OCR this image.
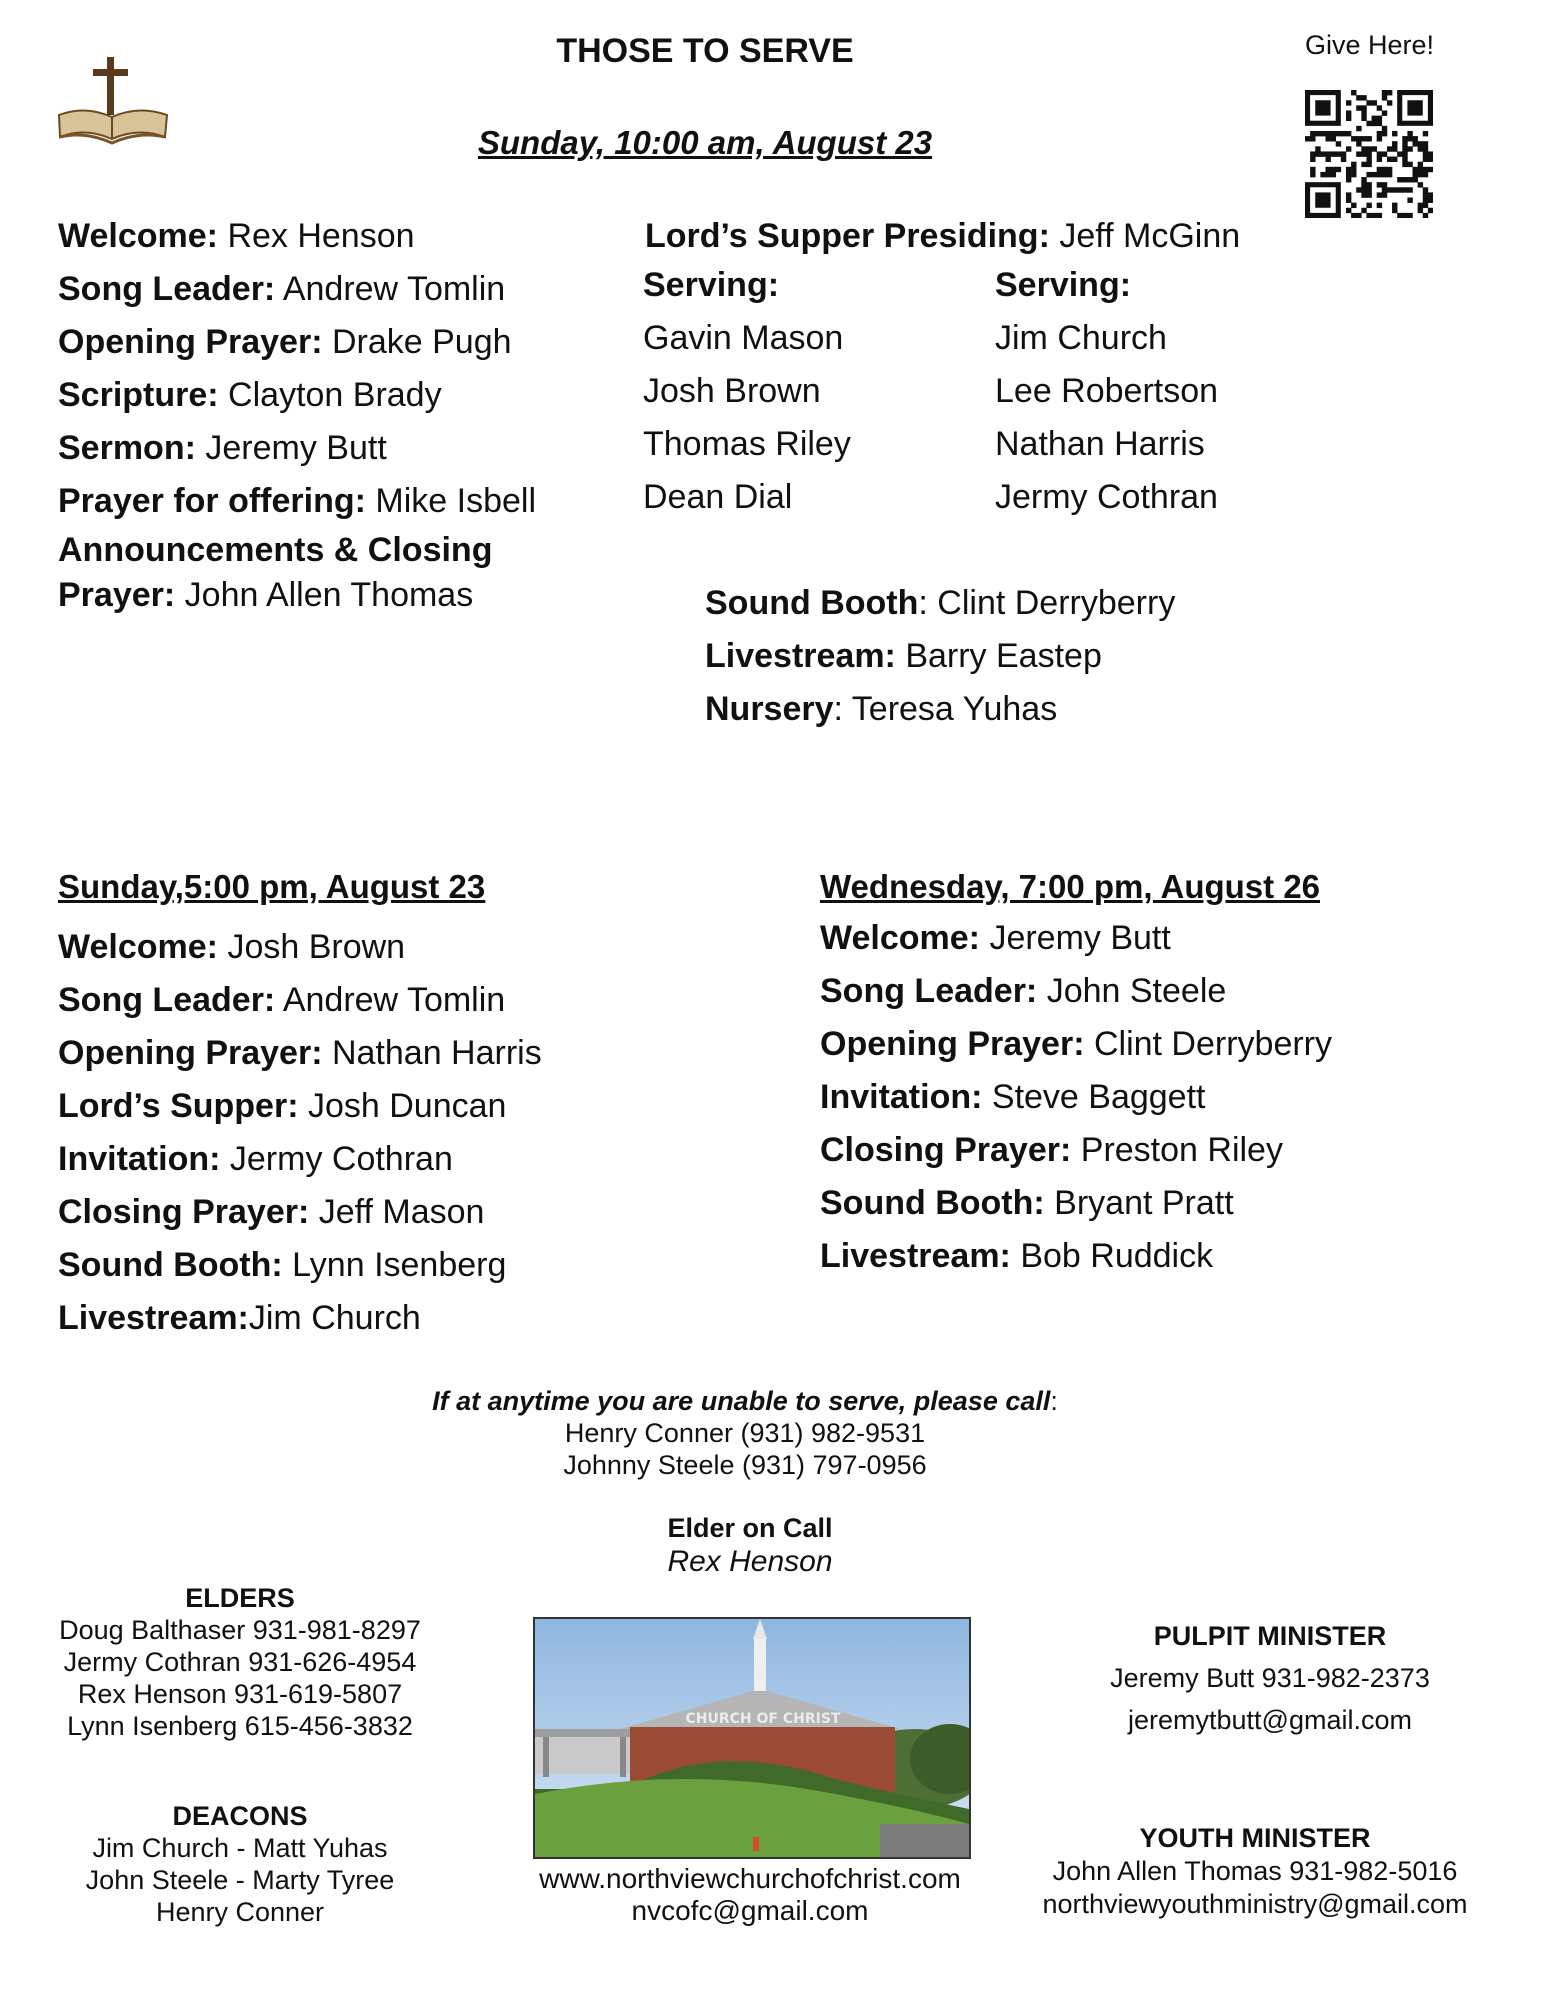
THOSE TO SERVE	Give Here!
Sunday, 10:00 am, August 23
Welcome: Rex Henson
Song Leader: Andrew Tomlin
Opening Prayer: Drake Pugh
Scripture: Clayton Brady
Sermon: Jeremy Butt
Prayer for offering: Mike Isbell
Announcements & Closing
Prayer: John Allen Thomas
Lord’s Supper Presiding: Jeff McGinn
Serving:	Serving:
Gavin Mason
Josh Brown
Thomas Riley
Dean Dial
Jim Church
Lee Robertson
Nathan Harris
Jermy Cothran
Sound Booth: Clint Derryberry
Livestream: Barry Eastep
Nursery: Teresa Yuhas
Sunday,5:00 pm, August 23
Welcome: Josh Brown
Song Leader: Andrew Tomlin
Opening Prayer: Nathan Harris
Lord’s Supper: Josh Duncan
Invitation: Jermy Cothran
Closing Prayer: Jeff Mason
Sound Booth: Lynn Isenberg
Livestream:Jim Church
Wednesday, 7:00 pm, August 26
Welcome: Jeremy Butt
Song Leader: John Steele
Opening Prayer: Clint Derryberry
Invitation: Steve Baggett
Closing Prayer: Preston Riley
Sound Booth: Bryant Pratt
Livestream: Bob Ruddick
If at anytime you are unable to serve, please call:
Henry Conner (931) 982-9531
Johnny Steele (931) 797-0956
Elder on Call
Rex Henson
ELDERS
Doug Balthaser 931-981-8297
Jermy Cothran 931-626-4954
Rex Henson 931-619-5807
Lynn Isenberg 615-456-3832
DEACONS
Jim Church - Matt Yuhas
John Steele - Marty Tyree
Henry Conner
CHURCH OF CHRIST
www.northviewchurchofchrist.com
nvcofc@gmail.com
PULPIT MINISTER
Jeremy Butt 931-982-2373
jeremytbutt@gmail.com
YOUTH MINISTER
John Allen Thomas 931-982-5016
northviewyouthministry@gmail.com
